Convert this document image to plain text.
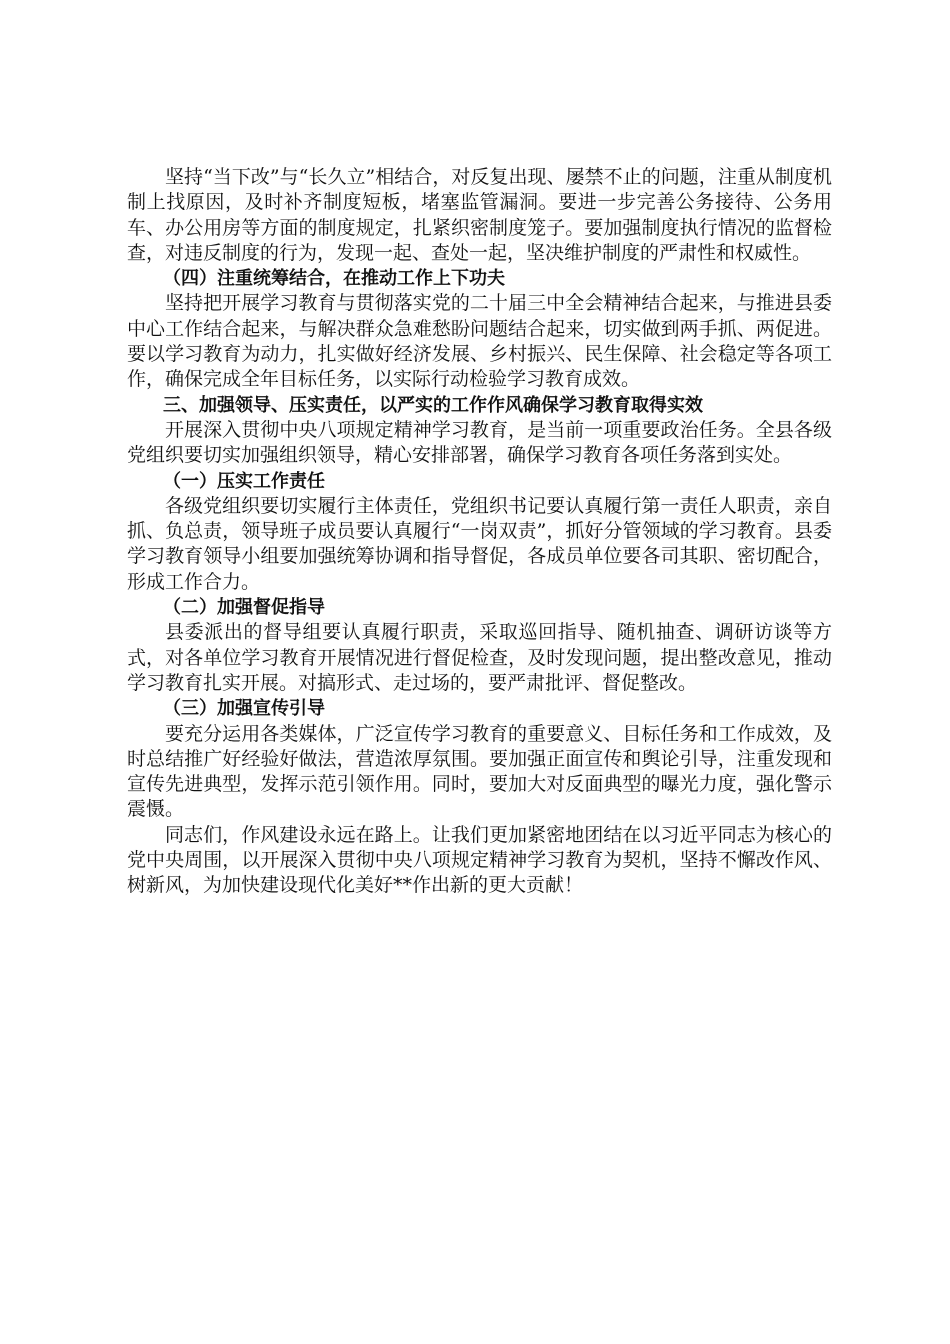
坚持“当下改”与“长久立”相结合，对反复出现、屡禁不止的问题，注重从制度机制上找原因，及时补齐制度短板，堵塞监管漏洞。要进一步完善公务接待、公务用车、办公用房等方面的制度规定，扎紧织密制度笼子。要加强制度执行情况的监督检查，对违反制度的行为，发现一起、查处一起，坚决维护制度的严肃性和权威性。

（四）注重统筹结合，在推动工作上下功夫

坚持把开展学习教育与贯彻落实党的二十届三中全会精神结合起来，与推进县委中心工作结合起来，与解决群众急难愁盼问题结合起来，切实做到两手抓、两促进。要以学习教育为动力，扎实做好经济发展、乡村振兴、民生保障、社会稳定等各项工作，确保完成全年目标任务，以实际行动检验学习教育成效。

三、加强领导、压实责任，以严实的工作作风确保学习教育取得实效

开展深入贯彻中央八项规定精神学习教育，是当前一项重要政治任务。全县各级党组织要切实加强组织领导，精心安排部署，确保学习教育各项任务落到实处。

（一）压实工作责任

各级党组织要切实履行主体责任，党组织书记要认真履行第一责任人职责，亲自抓、负总责，领导班子成员要认真履行“一岗双责”，抓好分管领域的学习教育。县委学习教育领导小组要加强统筹协调和指导督促，各成员单位要各司其职、密切配合，形成工作合力。

（二）加强督促指导

县委派出的督导组要认真履行职责，采取巡回指导、随机抽查、调研访谈等方式，对各单位学习教育开展情况进行督促检查，及时发现问题，提出整改意见，推动学习教育扎实开展。对搞形式、走过场的，要严肃批评、督促整改。

（三）加强宣传引导

要充分运用各类媒体，广泛宣传学习教育的重要意义、目标任务和工作成效，及时总结推广好经验好做法，营造浓厚氛围。要加强正面宣传和舆论引导，注重发现和宣传先进典型，发挥示范引领作用。同时，要加大对反面典型的曝光力度，强化警示震慑。

同志们，作风建设永远在路上。让我们更加紧密地团结在以习近平同志为核心的党中央周围，以开展深入贯彻中央八项规定精神学习教育为契机，坚持不懈改作风、树新风，为加快建设现代化美好**作出新的更大贡献！
